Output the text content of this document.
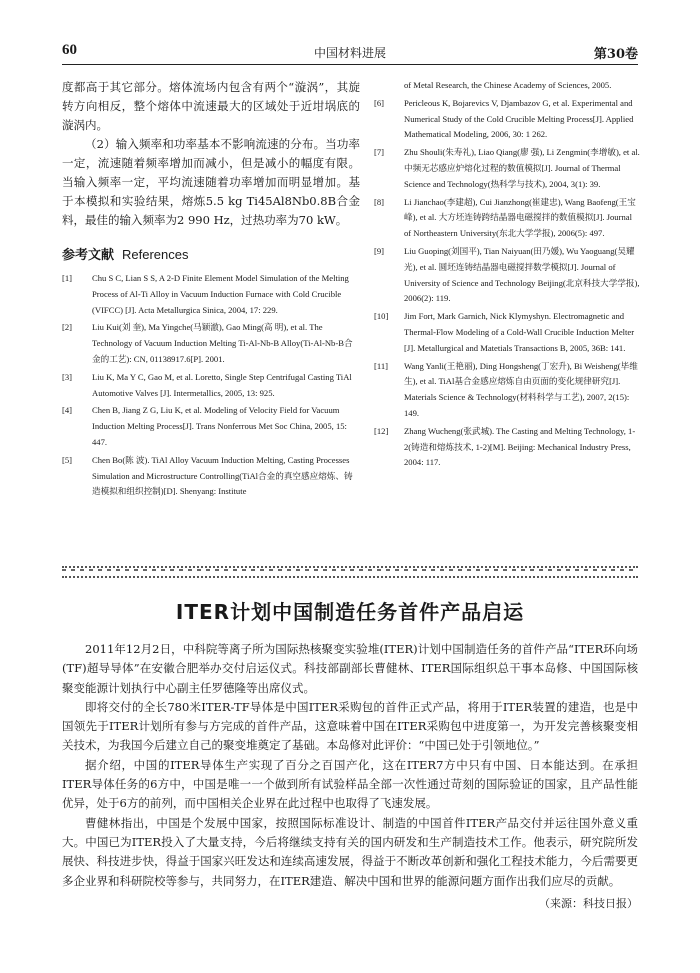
60	中国材料进展	第30卷

度都高于其它部分。熔体流场内包含有两个“漩涡”，其旋转方向相反，整个熔体中流速最大的区域处于近坩埚底的漩涡内。

（2）输入频率和功率基本不影响流速的分布。当功率一定，流速随着频率增加而减小，但是减小的幅度有限。当输入频率一定，平均流速随着功率增加而明显增加。基于本模拟和实验结果，熔炼5.5 kg Ti45Al8Nb0.8B合金料，最佳的输入频率为2 990 Hz，过热功率为70 kW。

参考文献 References
[1] Chu S C, Lian S S, A 2-D Finite Element Model Simulation of the Melting Process of Al-Ti Alloy in Vacuum Induction Furnace with Cold Crucible (VIFCC) [J]. Acta Metallurgica Sinica, 2004, 17: 229.
[2] Liu Kui(刘 奎), Ma Yingche(马颖澈), Gao Ming(高 明), et al. The Technology of Vacuum Induction Melting Ti-Al-Nb-B Alloy(Ti-Al-Nb-B合金的工艺): CN, 01138917.6[P]. 2001.
[3] Liu K, Ma Y C, Gao M, et al. Loretto, Single Step Centrifugal Casting TiAl Automotive Valves [J]. Intermetallics, 2005, 13: 925.
[4] Chen B, Jiang Z G, Liu K, et al. Modeling of Velocity Field for Vacuum Induction Melting Process[J]. Trans Nonferrous Met Soc China, 2005, 15: 447.
[5] Chen Bo(陈 波). TiAl Alloy Vacuum Induction Melting, Casting Processes Simulation and Microstructure Controlling(TiAl合金的真空感应熔炼、铸造模拟和组织控制)[D]. Shenyang: Institute
of Metal Research, the Chinese Academy of Sciences, 2005.
[6] Pericleous K, Bojarevics V, Djambazov G, et al. Experimental and Numerical Study of the Cold Crucible Melting Process[J]. Applied Mathematical Modeling, 2006, 30: 1 262.
[7] Zhu Shouli(朱寿礼), Liao Qiang(廖 强), Li Zengmin(李增敏), et al. 中频无芯感应炉熔化过程的数值模拟[J]. Journal of Thermal Science and Technology(热科学与技术), 2004, 3(1): 39.
[8] Li Jianchao(李建超), Cui Jianzhong(崔建忠), Wang Baofeng(王宝峰), et al. 大方坯连铸跨结晶器电磁搅拌的数值模拟[J]. Journal of Northeastern University(东北大学学报), 2006(5): 497.
[9] Liu Guoping(刘国平), Tian Naiyuan(田乃媛), Wu Yaoguang(吴耀光), et al. 圆坯连铸结晶器电磁搅拌数学模拟[J]. Journal of University of Science and Technology Beijing(北京科技大学学报), 2006(2): 119.
[10] Jim Fort, Mark Garnich, Nick Klymyshyn. Electromagnetic and Thermal-Flow Modeling of a Cold-Wall Crucible Induction Melter [J]. Metallurgical and Matetials Transactions B, 2005, 36B: 141.
[11] Wang Yanli(王艳丽), Ding Hongsheng(丁宏升), Bi Weisheng(毕维生), et al. TiAl基合金感应熔炼自由页面的变化规律研究[J]. Materials Science & Technology(材料科学与工艺), 2007, 2(15): 149.
[12] Zhang Wucheng(张武城). The Casting and Melting Technology, 1-2(铸造和熔炼技术, 1-2)[M]. Beijing: Mechanical Industry Press, 2004: 117.
ITER计划中国制造任务首件产品启运

2011年12月2日，中科院等离子所为国际热核聚变实验堆(ITER)计划中国制造任务的首件产品“ITER环向场(TF)超导导体”在安徽合肥举办交付启运仪式。科技部副部长曹健林、ITER国际组织总干事本岛修、中国国际核聚变能源计划执行中心副主任罗德隆等出席仪式。

即将交付的全长780米ITER-TF导体是中国ITER采购包的首件正式产品，将用于ITER装置的建造，也是中国领先于ITER计划所有参与方完成的首件产品，这意味着中国在ITER采购包中进度第一，为开发完善核聚变相关技术，为我国今后建立自己的聚变堆奠定了基础。本岛修对此评价：“中国已处于引领地位。”

据介绍，中国的ITER导体生产实现了百分之百国产化，这在ITER7方中只有中国、日本能达到。在承担ITER导体任务的6方中，中国是唯一一个做到所有试验样品全部一次性通过苛刻的国际验证的国家，且产品性能优异，处于6方的前列，而中国相关企业界在此过程中也取得了飞速发展。

曹健林指出，中国是个发展中国家，按照国际标准设计、制造的中国首件ITER产品交付并运往国外意义重大。中国已为ITER投入了大量支持，今后将继续支持有关的国内研发和生产制造技术工作。他表示，研究院所发展快、科技进步快，得益于国家兴旺发达和连续高速发展，得益于不断改革创新和强化工程技术能力，今后需要更多企业界和科研院校等参与，共同努力，在ITER建造、解决中国和世界的能源问题方面作出我们应尽的贡献。

（来源：科技日报）
